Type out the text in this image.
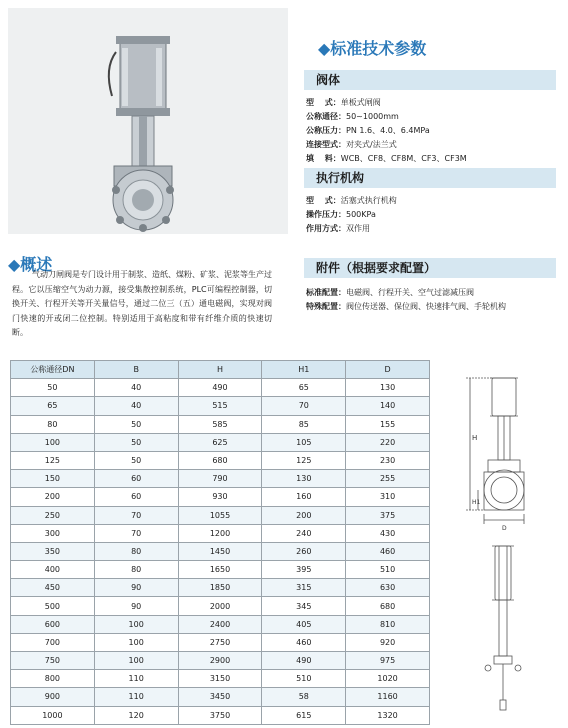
◆标准技术参数
阀体
型　 式：单板式闸阀
公称通径：50~1000mm
公称压力：PN 1.6、4.0、6.4MPa
连接型式：对夹式/法兰式
填　 料：WCB、CF8、CF8M、CF3、CF3M
执行机构
型　 式：活塞式执行机构
操作压力：500KPa
作用方式：双作用
附件（根据要求配置）
标准配置：电磁阀、行程开关、空气过滤减压阀
特殊配置：阀位传送器、保位阀、快速排气阀、手轮机构
◆概述
气动刀闸阀是专门设计用于制浆、造纸、煤粉、矿浆、泥浆等生产过程。它以压缩空气为动力源，接受集散控制系统，PLC可编程控制器，切换开关、行程开关等开关量信号，通过二位三（五）通电磁阀，实现对阀门快速的开或闭二位控制。特别适用于高粘度和带有纤维介质的快速切断。
公称通径DN	B	H	H1	D
50	40	490	65	130
65	40	515	70	140
80	50	585	85	155
100	50	625	105	220
125	50	680	125	230
150	60	790	130	255
200	60	930	160	310
250	70	1055	200	375
300	70	1200	240	430
350	80	1450	260	460
400	80	1650	395	510
450	90	1850	315	630
500	90	2000	345	680
600	100	2400	405	810
700	100	2750	460	920
750	100	2900	490	975
800	110	3150	510	1020
900	110	3450	58	1160
1000	120	3750	615	1320
H
H1
D
